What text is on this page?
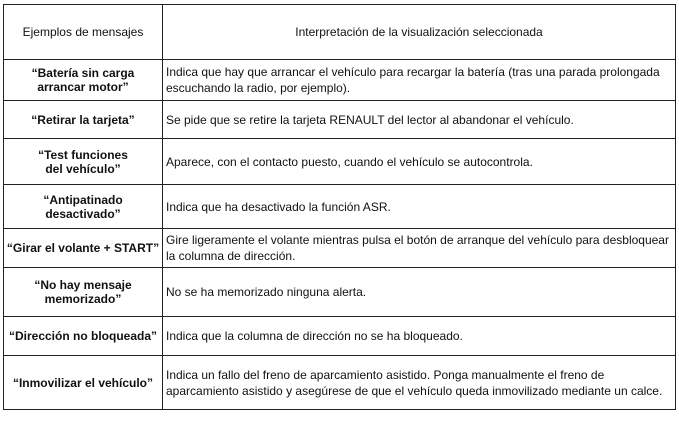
Ejemplos de mensajes	Interpretación de la visualización seleccionada

“Batería sin carga
arrancar motor”	Indica que hay que arrancar el vehículo para recargar la batería (tras una parada prolongada escuchando la radio, por ejemplo).

“Retirar la tarjeta”	Se pide que se retire la tarjeta RENAULT del lector al abandonar el vehículo.

“Test funciones
del vehículo”	Aparece, con el contacto puesto, cuando el vehículo se autocontrola.

“Antipatinado
desactivado”	Indica que ha desactivado la función ASR.

“Girar el volante + START”	Gire ligeramente el volante mientras pulsa el botón de arranque del vehículo para desbloquear la columna de dirección.

“No hay mensaje
memorizado”	No se ha memorizado ninguna alerta.

“Dirección no bloqueada”	Indica que la columna de dirección no se ha bloqueado.

“Inmovilizar el vehículo”	Indica un fallo del freno de aparcamiento asistido. Ponga manualmente el freno de aparcamiento asistido y asegúrese de que el vehículo queda inmovilizado mediante un calce.
